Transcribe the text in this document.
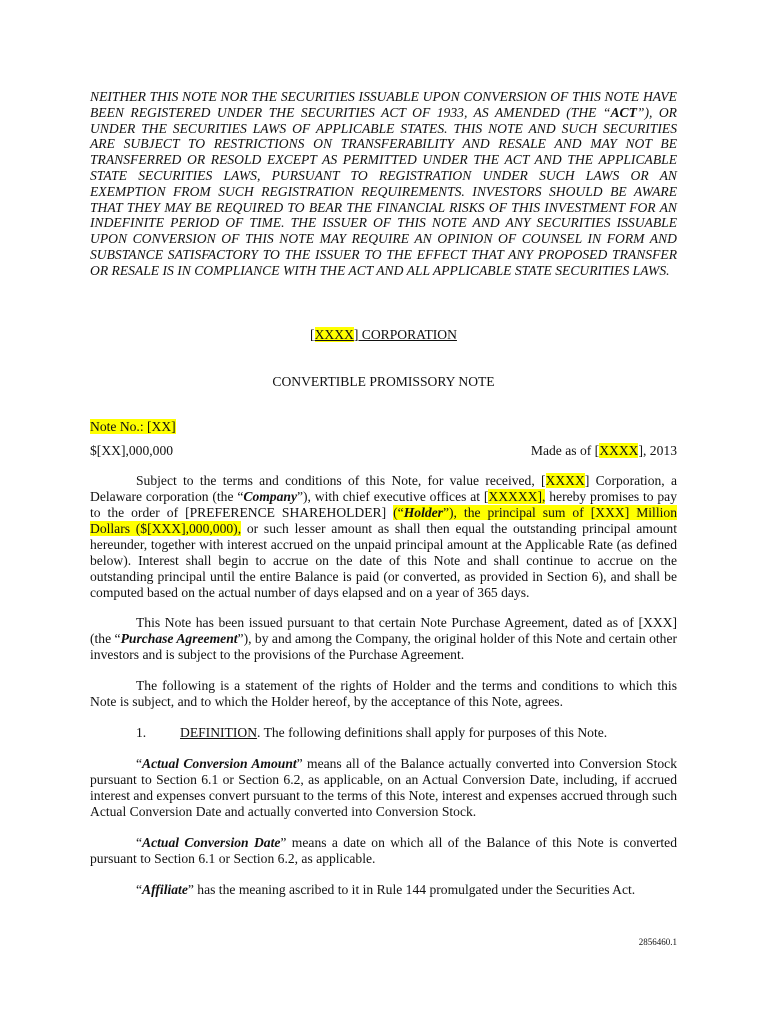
NEITHER THIS NOTE NOR THE SECURITIES ISSUABLE UPON CONVERSION OF THIS NOTE HAVE BEEN REGISTERED UNDER THE SECURITIES ACT OF 1933, AS AMENDED (THE “ACT”), OR UNDER THE SECURITIES LAWS OF APPLICABLE STATES. THIS NOTE AND SUCH SECURITIES ARE SUBJECT TO RESTRICTIONS ON TRANSFERABILITY AND RESALE AND MAY NOT BE TRANSFERRED OR RESOLD EXCEPT AS PERMITTED UNDER THE ACT AND THE APPLICABLE STATE SECURITIES LAWS, PURSUANT TO REGISTRATION UNDER SUCH LAWS OR AN EXEMPTION FROM SUCH REGISTRATION REQUIREMENTS. INVESTORS SHOULD BE AWARE THAT THEY MAY BE REQUIRED TO BEAR THE FINANCIAL RISKS OF THIS INVESTMENT FOR AN INDEFINITE PERIOD OF TIME. THE ISSUER OF THIS NOTE AND ANY SECURITIES ISSUABLE UPON CONVERSION OF THIS NOTE MAY REQUIRE AN OPINION OF COUNSEL IN FORM AND SUBSTANCE SATISFACTORY TO THE ISSUER TO THE EFFECT THAT ANY PROPOSED TRANSFER OR RESALE IS IN COMPLIANCE WITH THE ACT AND ALL APPLICABLE STATE SECURITIES LAWS.
[XXXX] CORPORATION
CONVERTIBLE PROMISSORY NOTE
Note No.: [XX]
$[XX],000,000	Made as of [XXXX], 2013
Subject to the terms and conditions of this Note, for value received, [XXXX] Corporation, a Delaware corporation (the “Company”), with chief executive offices at [XXXXX], hereby promises to pay to the order of [PREFERENCE SHAREHOLDER] (“Holder”), the principal sum of [XXX] Million Dollars ($[XXX],000,000), or such lesser amount as shall then equal the outstanding principal amount hereunder, together with interest accrued on the unpaid principal amount at the Applicable Rate (as defined below). Interest shall begin to accrue on the date of this Note and shall continue to accrue on the outstanding principal until the entire Balance is paid (or converted, as provided in Section 6), and shall be computed based on the actual number of days elapsed and on a year of 365 days.
This Note has been issued pursuant to that certain Note Purchase Agreement, dated as of [XXX] (the “Purchase Agreement”), by and among the Company, the original holder of this Note and certain other investors and is subject to the provisions of the Purchase Agreement.
The following is a statement of the rights of Holder and the terms and conditions to which this Note is subject, and to which the Holder hereof, by the acceptance of this Note, agrees.
1. DEFINITION. The following definitions shall apply for purposes of this Note.
“Actual Conversion Amount” means all of the Balance actually converted into Conversion Stock pursuant to Section 6.1 or Section 6.2, as applicable, on an Actual Conversion Date, including, if accrued interest and expenses convert pursuant to the terms of this Note, interest and expenses accrued through such Actual Conversion Date and actually converted into Conversion Stock.
“Actual Conversion Date” means a date on which all of the Balance of this Note is converted pursuant to Section 6.1 or Section 6.2, as applicable.
“Affiliate” has the meaning ascribed to it in Rule 144 promulgated under the Securities Act.
2856460.1
